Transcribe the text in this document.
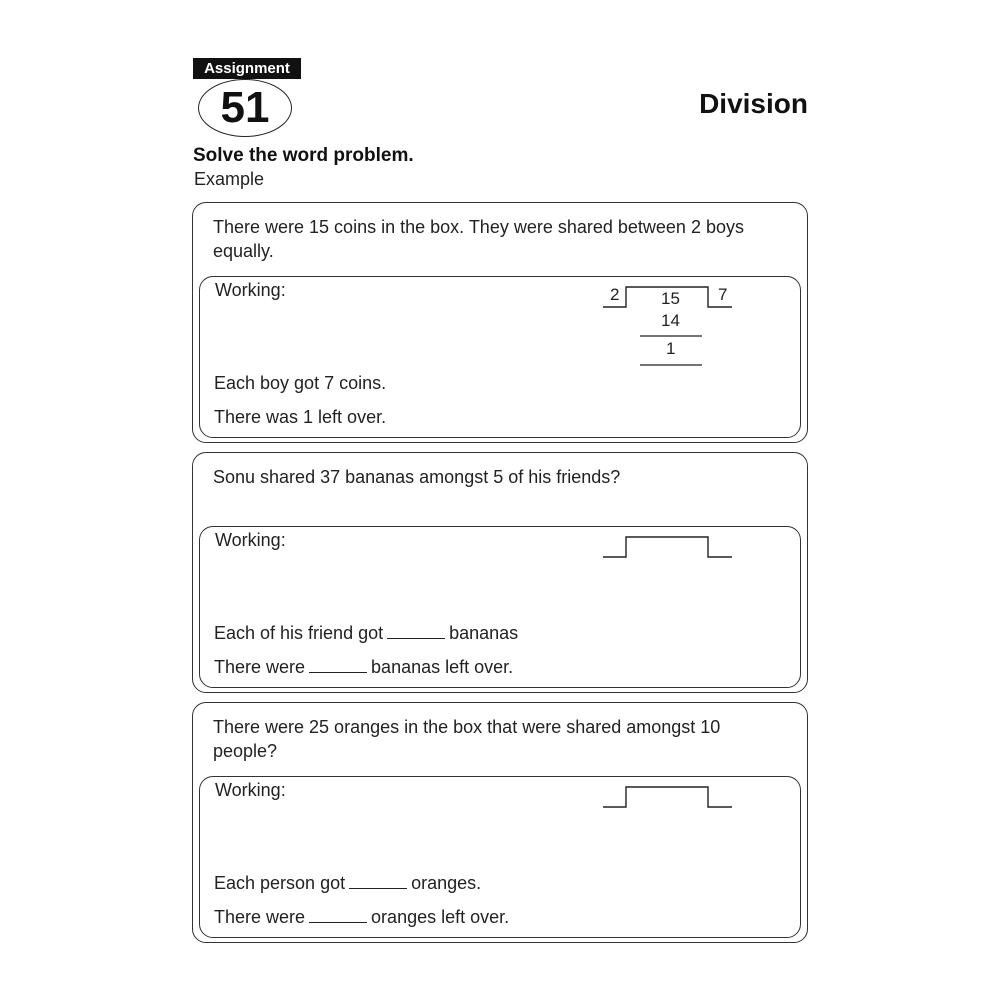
Assignment
51	Division
Solve the word problem.
Example
There were 15 coins in the box. They were shared between 2 boys equally.
Working:	2	7
15
14
1
Each boy got 7 coins.
There was 1 left over.
Sonu shared 37 bananas amongst 5 of his friends?
Working:
Each of his friend got	bananas
There were	bananas left over.
There were 25 oranges in the box that were shared amongst 10 people?
Working:
Each person got	oranges.
There were	oranges left over.
